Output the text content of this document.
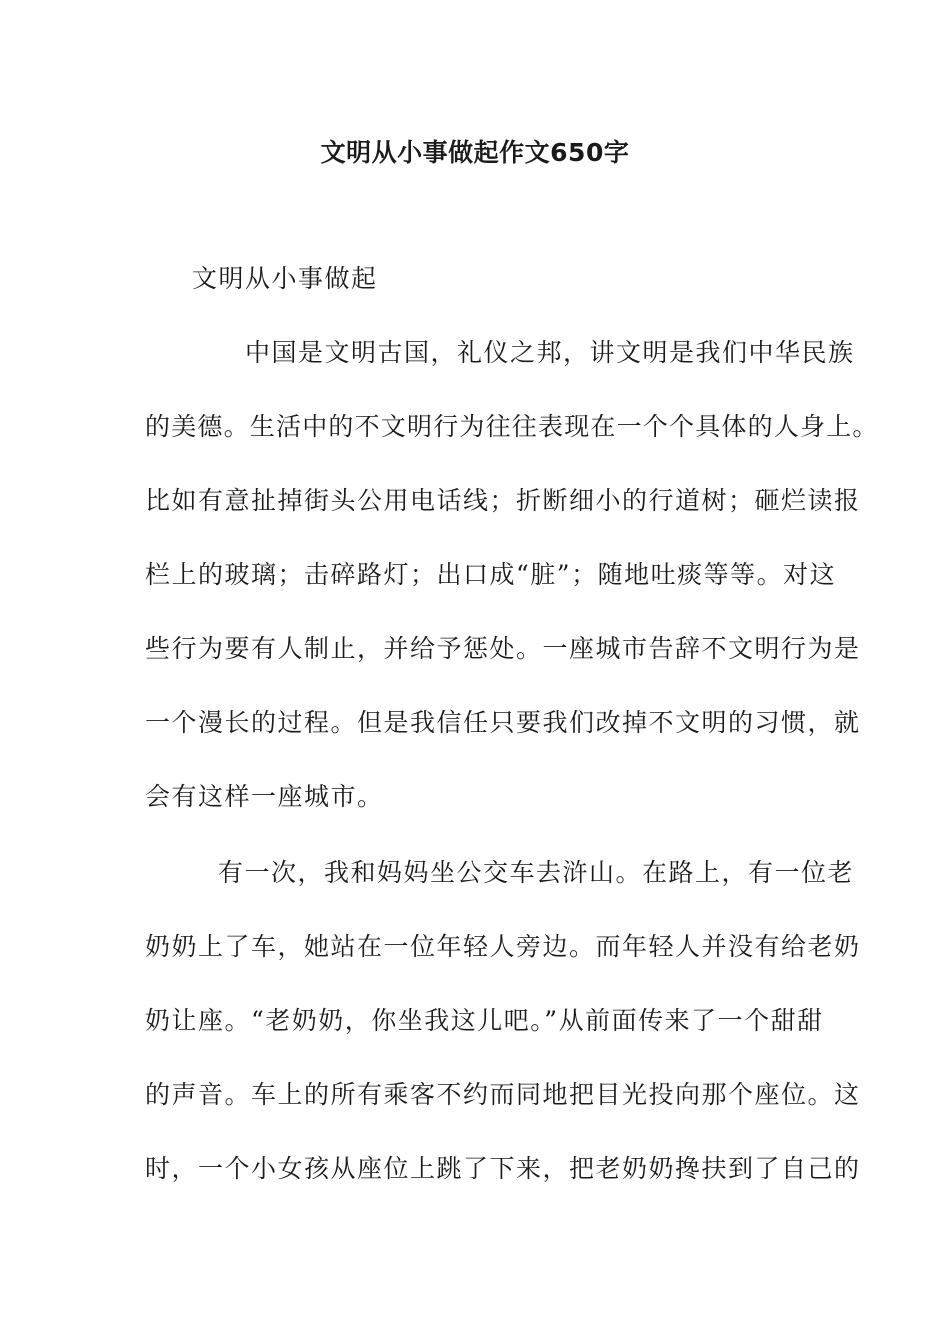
文明从小事做起作文650字
文明从小事做起
中国是文明古国，礼仪之邦，讲文明是我们中华民族
的美德。生活中的不文明行为往往表现在一个个具体的人身上。
比如有意扯掉街头公用电话线；折断细小的行道树；砸烂读报
栏上的玻璃；击碎路灯；出口成“脏”；随地吐痰等等。对这
些行为要有人制止，并给予惩处。一座城市告辞不文明行为是
一个漫长的过程。但是我信任只要我们改掉不文明的习惯，就
会有这样一座城市。
有一次，我和妈妈坐公交车去浒山。在路上，有一位老
奶奶上了车，她站在一位年轻人旁边。而年轻人并没有给老奶
奶让座。“老奶奶，你坐我这儿吧。”从前面传来了一个甜甜
的声音。车上的所有乘客不约而同地把目光投向那个座位。这
时，一个小女孩从座位上跳了下来，把老奶奶搀扶到了自己的
